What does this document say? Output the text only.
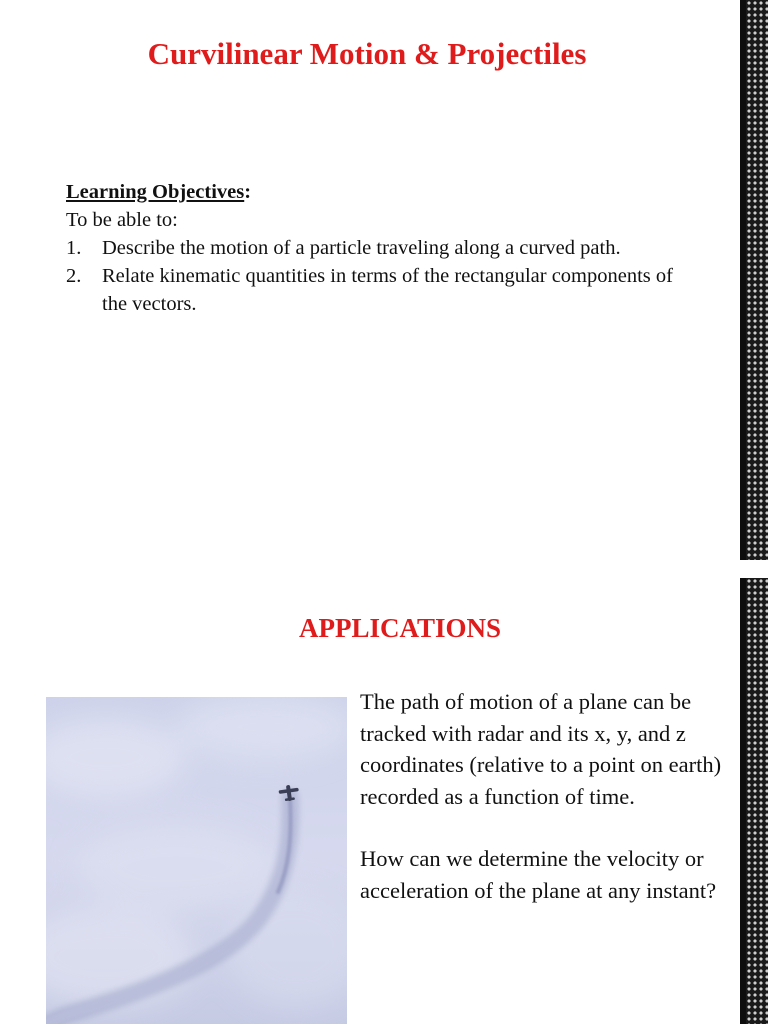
Curvilinear Motion & Projectiles
Learning Objectives:
To be able to:
1. Describe the motion of a particle traveling along a curved path.
2. Relate kinematic quantities in terms of the rectangular components of the vectors.
APPLICATIONS

The path of motion of a plane can be tracked with radar and its x, y, and z coordinates (relative to a point on earth) recorded as a function of time.

How can we determine the velocity or acceleration of the plane at any instant?
